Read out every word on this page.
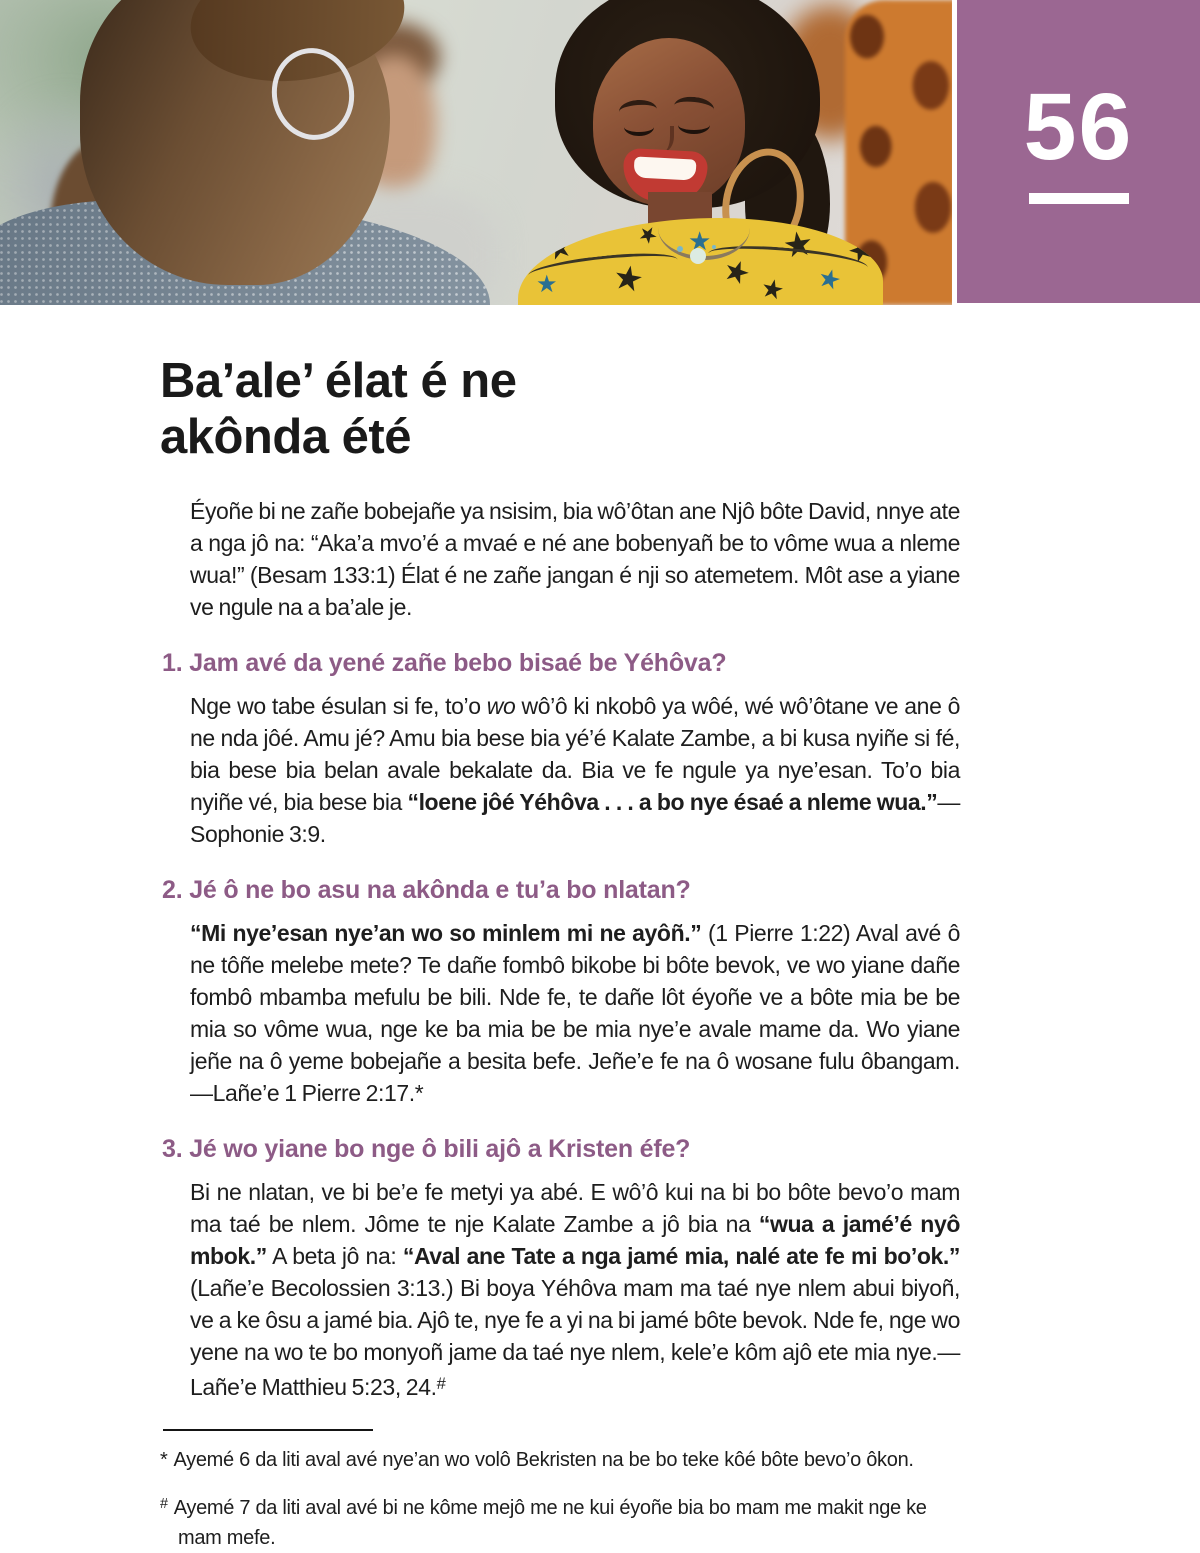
★
★
★
★
★
★
★
★
★
★
56
Ba’ale’ élat é ne
akônda été

Éyoñe bi ne zañe bobejañe ya nsisim, bia wô’ôtan ane Njô bôte David, nnye ate a nga jô na: “Aka’a mvo’é a mvaé e né ane bobenyañ be to vôme wua a nleme wua!” (Besam 133:1) Élat é ne zañe jangan é nji so atemetem. Môt ase a yiane ve ngule na a ba’ale je.

1. Jam avé da yené zañe bebo bisaé be Yéhôva?

Nge wo tabe ésulan si fe, to’o wo wô’ô ki nkobô ya wôé, wé wô’ôtane ve ane ô ne nda jôé. Amu jé? Amu bia bese bia yé’é Kalate Zambe, a bi kusa nyiñe si fé, bia bese bia belan avale bekalate da. Bia ve fe ngule ya nye’esan. To’o bia nyiñe vé, bia bese bia “loene jôé Yéhôva . . . a bo nye ésaé a nleme wua.”—Sophonie 3:9.

2. Jé ô ne bo asu na akônda e tu’a bo nlatan?

“Mi nye’esan nye’an wo so minlem mi ne ayôñ.” (1 Pierre 1:22) Aval avé ô ne tôñe melebe mete? Te dañe fombô bikobe bi bôte bevok, ve wo yiane dañe fombô mbamba mefulu be bili. Nde fe, te dañe lôt éyoñe ve a bôte mia be be mia so vôme wua, nge ke ba mia be be mia nye’e avale mame da. Wo yiane jeñe na ô yeme bobejañe a besita befe. Jeñe’e fe na ô wosane fulu ôbangam.—Lañe’e 1 Pierre 2:17.*

3. Jé wo yiane bo nge ô bili ajô a Kristen éfe?

Bi ne nlatan, ve bi be’e fe metyi ya abé. E wô’ô kui na bi bo bôte bevo’o mam ma taé be nlem. Jôme te nje Kalate Zambe a jô bia na “wua a jamé’é nyô mbok.” A beta jô na: “Aval ane Tate a nga jamé mia, nalé ate fe mi bo’ok.” (Lañe’e Becolossien 3:13.) Bi boya Yéhôva mam ma taé nye nlem abui biyoñ, ve a ke ôsu a jamé bia. Ajô te, nye fe a yi na bi jamé bôte bevok. Nde fe, nge wo yene na wo te bo monyoñ jame da taé nye nlem, kele’e kôm ajô ete mia nye.—Lañe’e Matthieu 5:23, 24.#

* Ayemé 6 da liti aval avé nye’an wo volô Bekristen na be bo teke kôé bôte bevo’o ôkon.

# Ayemé 7 da liti aval avé bi ne kôme mejô me ne kui éyoñe bia bo mam me makit nge ke mam mefe.
